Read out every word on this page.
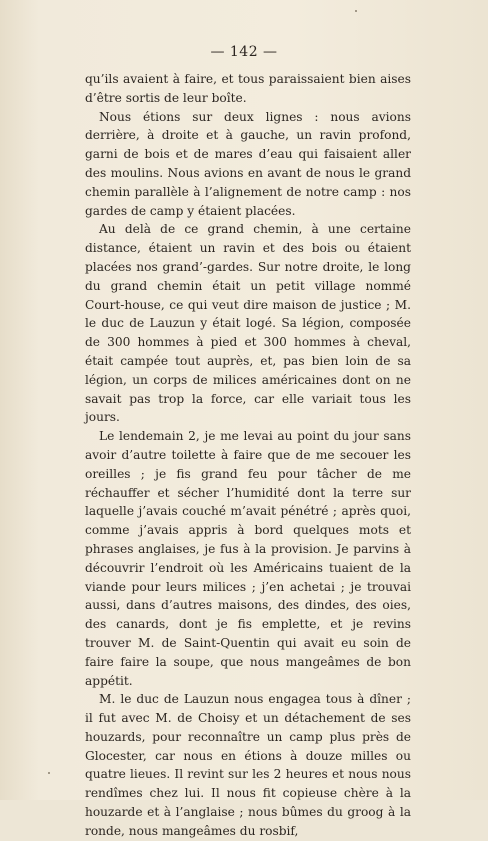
— 142 —

qu’ils avaient à faire, et tous paraissaient bien aises d’être sortis de leur boîte.

Nous étions sur deux lignes : nous avions derrière, à droite et à gauche, un ravin profond, garni de bois et de mares d’eau qui faisaient aller des moulins. Nous avions en avant de nous le grand chemin parallèle à l’alignement de notre camp : nos gardes de camp y étaient placées.

Au delà de ce grand chemin, à une certaine distance, étaient un ravin et des bois ou étaient placées nos grand’-gardes. Sur notre droite, le long du grand chemin était un petit village nommé Court-house, ce qui veut dire maison de justice ; M. le duc de Lauzun y était logé. Sa légion, composée de 300 hommes à pied et 300 hommes à cheval, était campée tout auprès, et, pas bien loin de sa légion, un corps de milices américaines dont on ne savait pas trop la force, car elle variait tous les jours.

Le lendemain 2, je me levai au point du jour sans avoir d’autre toilette à faire que de me secouer les oreilles ; je fis grand feu pour tâcher de me réchauffer et sécher l’humidité dont la terre sur laquelle j’avais couché m’avait pénétré ; après quoi, comme j’avais appris à bord quelques mots et phrases anglaises, je fus à la provision. Je parvins à découvrir l’endroit où les Américains tuaient de la viande pour leurs milices ; j’en achetai ; je trouvai aussi, dans d’autres maisons, des dindes, des oies, des canards, dont je fis emplette, et je revins trouver M. de Saint-Quentin qui avait eu soin de faire faire la soupe, que nous mangeâmes de bon appétit.

M. le duc de Lauzun nous engagea tous à dîner ; il fut avec M. de Choisy et un détachement de ses houzards, pour reconnaître un camp plus près de Glocester, car nous en étions à douze milles ou quatre lieues. Il revint sur les 2 heures et nous nous rendîmes chez lui. Il nous fit copieuse chère à la houzarde et à l’anglaise ; nous bûmes du groog à la ronde, nous mangeâmes du rosbif,
